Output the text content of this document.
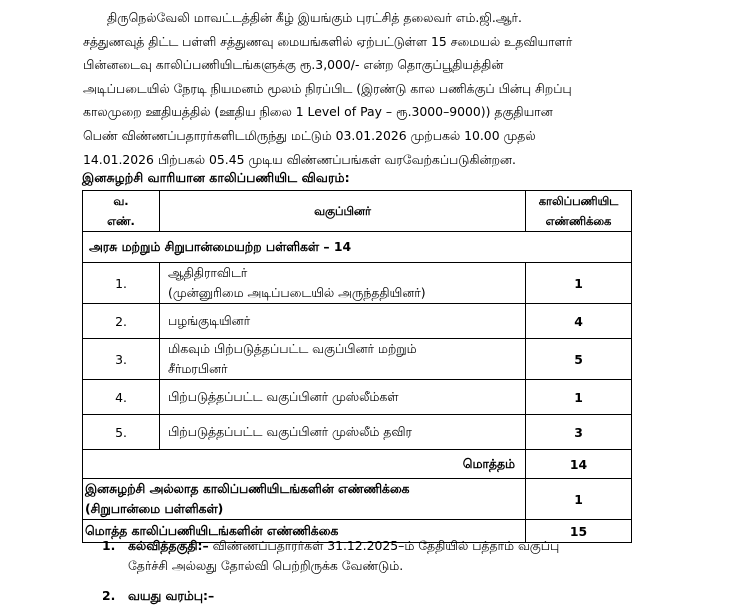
திருநெல்வேலி மாவட்டத்தின் கீழ் இயங்கும் புரட்சித் தலைவர் எம்.ஜி.ஆர்.

சத்துணவுத் திட்ட பள்ளி சத்துணவு மையங்களில் ஏற்பட்டுள்ள 15 சமையல் உதவியாளர்

பின்னடைவு காலிப்பணியிடங்களுக்கு ரூ.3,000/- என்ற தொகுப்பூதியத்தின்

அடிப்படையில் நேரடி நியமனம் மூலம் நிரப்பிட (இரண்டு கால பணிக்குப் பின்பு சிறப்பு

காலமுறை ஊதியத்தில் (ஊதிய நிலை 1 Level of Pay – ரூ.3000–9000)) தகுதியான

பெண் விண்ணப்பதாரர்களிடமிருந்து மட்டும் 03.01.2026 முற்பகல் 10.00 முதல்

14.01.2026 பிற்பகல் 05.45 முடிய விண்ணப்பங்கள் வரவேற்கப்படுகின்றன.

இனசுழற்சி வாரியான காலிப்பணியிட விவரம்:
வ.
எண்.	வகுப்பினர்	காலிப்பணியிட
எண்ணிக்கை

அரசு மற்றும் சிறுபான்மையற்ற பள்ளிகள் – 14		
1.	ஆதிதிராவிடர்
(முன்னுரிமை அடிப்படையில் அருந்ததியினர்)	1
2.	பழங்குடியினர்	4
3.	மிகவும் பிற்படுத்தப்பட்ட வகுப்பினர் மற்றும்
சீர்மரபினர்	5
4.	பிற்படுத்தப்பட்ட வகுப்பினர் முஸ்லீம்கள்	1
5.	பிற்படுத்தப்பட்ட வகுப்பினர் முஸ்லீம் தவிர	3
மொத்தம்		14

இனசுழற்சி அல்லாத காலிப்பணியிடங்களின் எண்ணிக்கை
(சிறுபான்மை பள்ளிகள்)		1
மொத்த காலிப்பணியிடங்களின் எண்ணிக்கை		15
1. கல்வித்தகுதி:– விண்ணப்பதாரர்கள் 31.12.2025–ம் தேதியில் பத்தாம் வகுப்பு
தேர்ச்சி அல்லது தோல்வி பெற்றிருக்க வேண்டும்.
2. வயது வரம்பு:–
